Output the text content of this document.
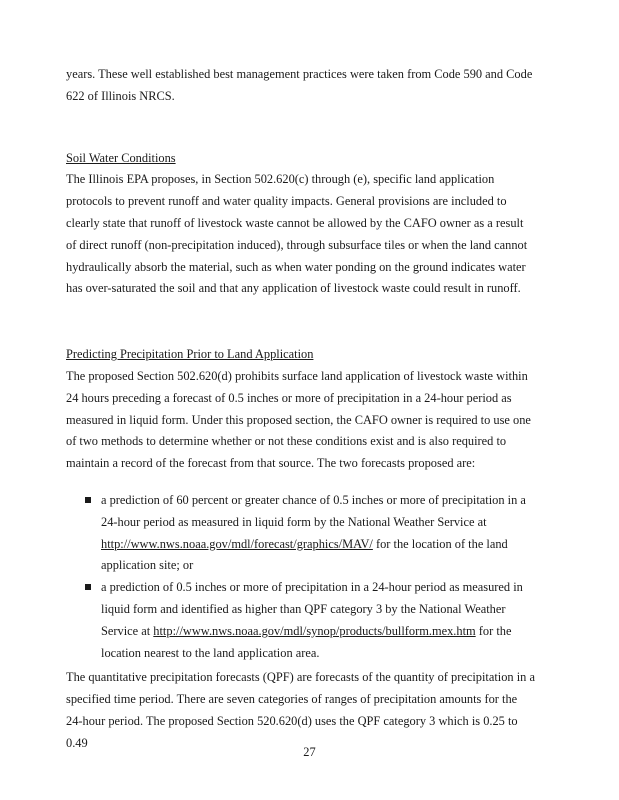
years. These well established best management practices were taken from Code 590 and Code 622 of Illinois NRCS.

Soil Water Conditions

The Illinois EPA proposes, in Section 502.620(c) through (e), specific land application protocols to prevent runoff and water quality impacts. General provisions are included to clearly state that runoff of livestock waste cannot be allowed by the CAFO owner as a result of direct runoff (non-precipitation induced), through subsurface tiles or when the land cannot hydraulically absorb the material, such as when water ponding on the ground indicates water has over-saturated the soil and that any application of livestock waste could result in runoff.

Predicting Precipitation Prior to Land Application

The proposed Section 502.620(d) prohibits surface land application of livestock waste within 24 hours preceding a forecast of 0.5 inches or more of precipitation in a 24-hour period as measured in liquid form. Under this proposed section, the CAFO owner is required to use one of two methods to determine whether or not these conditions exist and is also required to maintain a record of the forecast from that source. The two forecasts proposed are:

a prediction of 60 percent or greater chance of 0.5 inches or more of precipitation in a 24-hour period as measured in liquid form by the National Weather Service at http://www.nws.noaa.gov/mdl/forecast/graphics/MAV/ for the location of the land application site; or
a prediction of 0.5 inches or more of precipitation in a 24-hour period as measured in liquid form and identified as higher than QPF category 3 by the National Weather Service at http://www.nws.noaa.gov/mdl/synop/products/bullform.mex.htm for the location nearest to the land application area.

The quantitative precipitation forecasts (QPF) are forecasts of the quantity of precipitation in a specified time period. There are seven categories of ranges of precipitation amounts for the 24-hour period. The proposed Section 520.620(d) uses the QPF category 3 which is 0.25 to 0.49

27
